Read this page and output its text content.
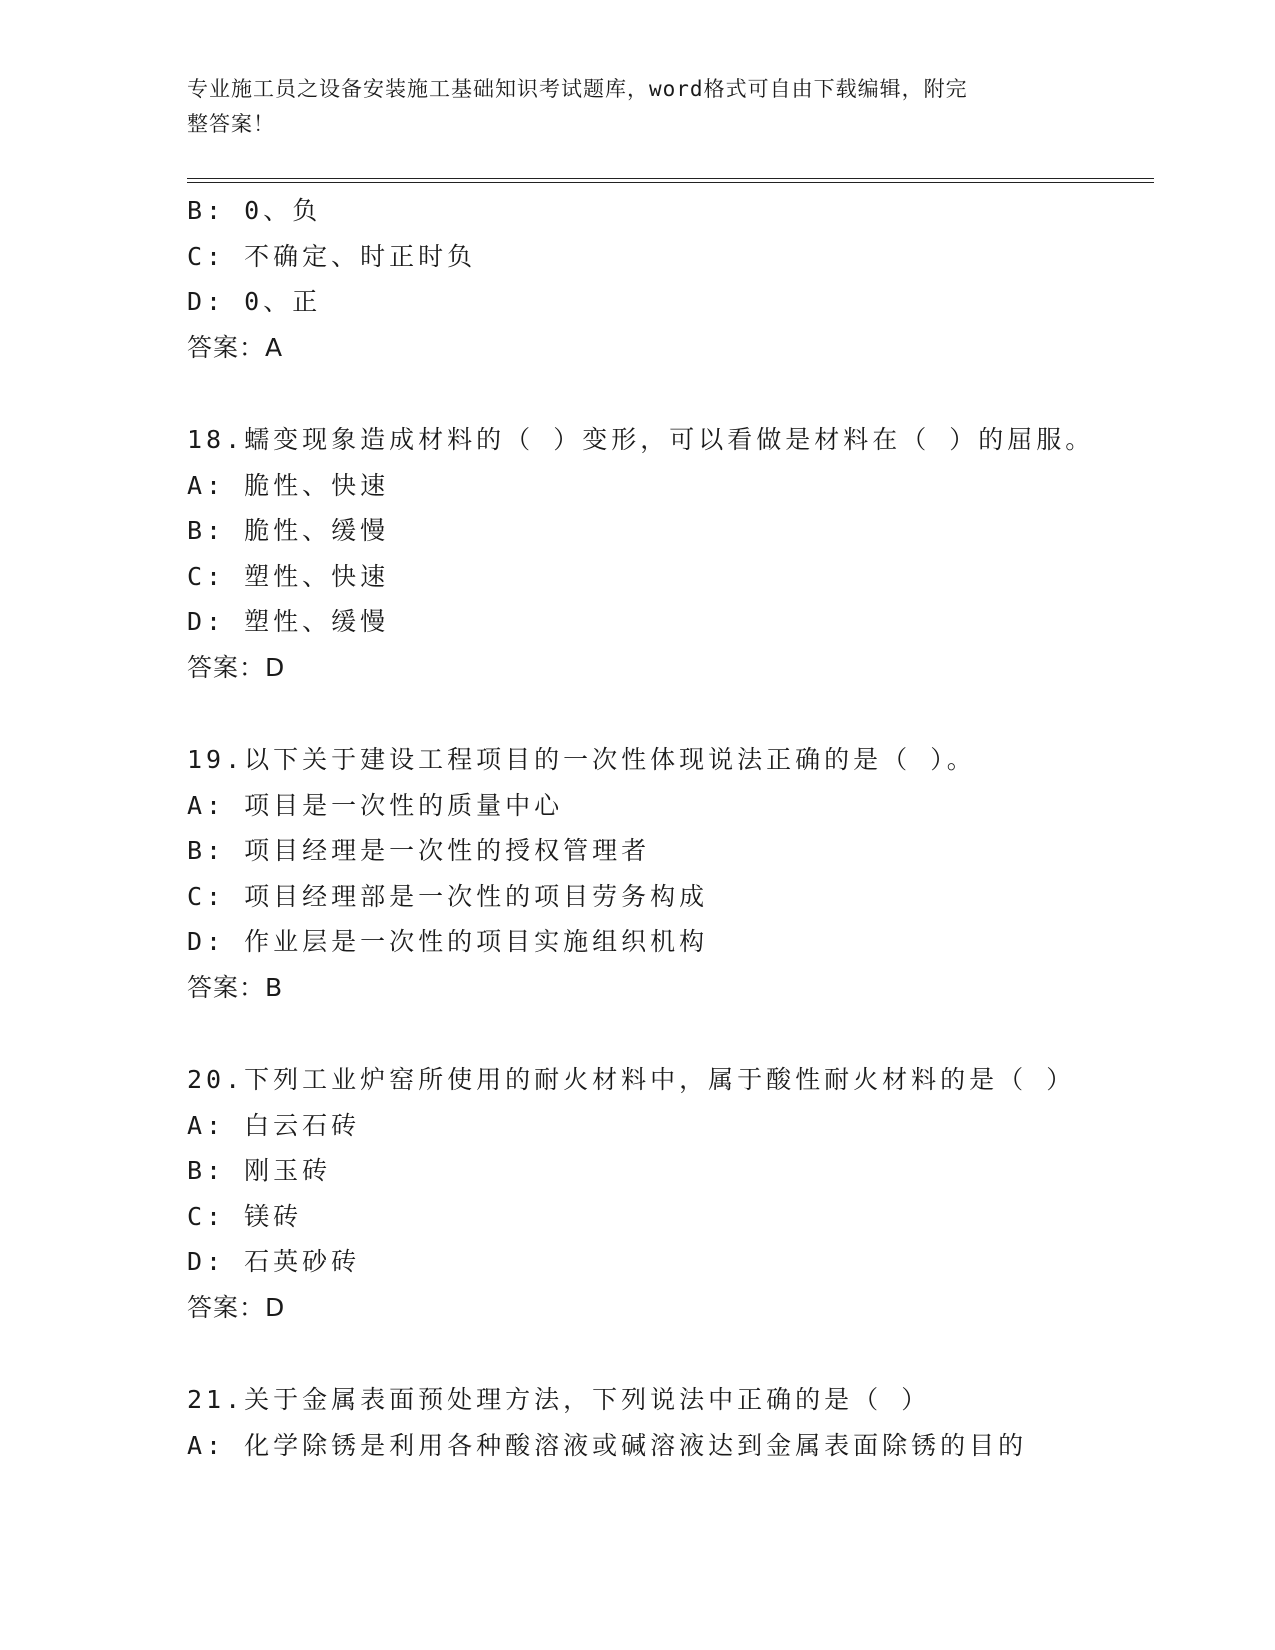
专业施工员之设备安装施工基础知识考试题库，word格式可自由下载编辑，附完
整答案！
B: 0、负
C: 不确定、时正时负
D: 0、正
答案：A
18.蠕变现象造成材料的（ ）变形，可以看做是材料在（ ）的屈服。
A: 脆性、快速
B: 脆性、缓慢
C: 塑性、快速
D: 塑性、缓慢
答案：D
19.以下关于建设工程项目的一次性体现说法正确的是（ ）。
A: 项目是一次性的质量中心
B: 项目经理是一次性的授权管理者
C: 项目经理部是一次性的项目劳务构成
D: 作业层是一次性的项目实施组织机构
答案：B
20.下列工业炉窑所使用的耐火材料中，属于酸性耐火材料的是（ ）
A: 白云石砖
B: 刚玉砖
C: 镁砖
D: 石英砂砖
答案：D
21.关于金属表面预处理方法，下列说法中正确的是（ ）
A: 化学除锈是利用各种酸溶液或碱溶液达到金属表面除锈的目的
